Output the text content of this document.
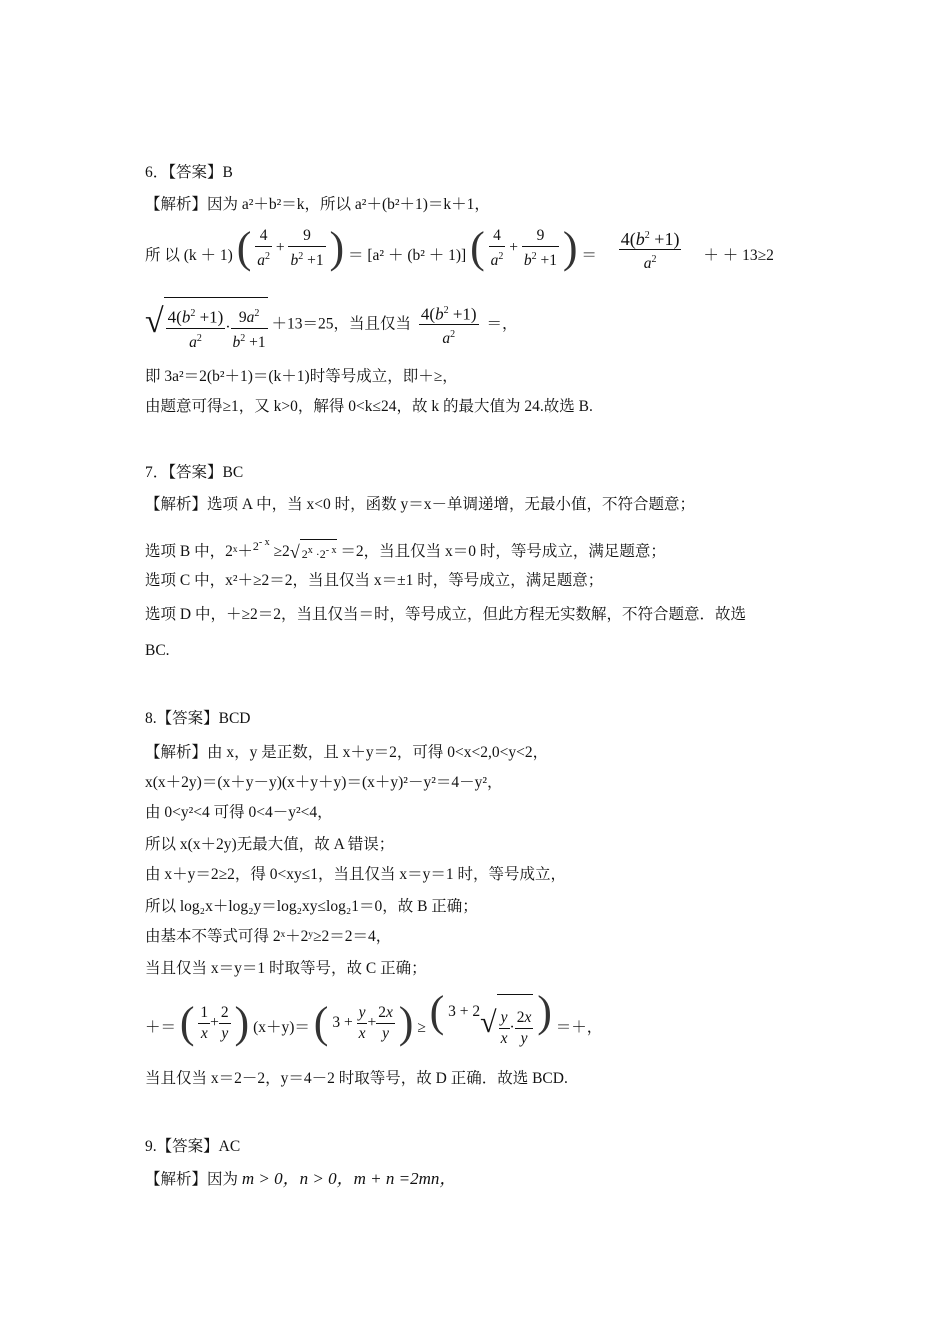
6．【答案】B
【解析】因为 a²＋b²＝k，所以 a²＋(b²＋1)＝k＋1，
所 以 (k ＋ 1) ( $\frac{4}{a^2} + \frac{9}{b^2 +1}$ ) ＝ [a² ＋ (b² ＋ 1)] ( $\frac{4}{a^2} + \frac{9}{b^2 +1}$ ) ＝ $\frac{4(b^2 +1)}{a^2}$ ＋ ＋ 13≥2
√ $\frac{4(b^2 +1)}{a^2} \cdot \frac{9a^2}{b^2 +1} +13=25$，当且仅当 $\frac{4(b^2 +1)}{a^2}$ ＝，
即 3a²＝2(b²＋1)＝(k＋1)时等号成立，即＋≥，
由题意可得≥1，又 k>0，解得 0<k≤24，故 k 的最大值为 24.故选 B.
7．【答案】BC
【解析】选项 A 中，当 x<0 时，函数 y＝x－单调递增，无最小值，不符合题意；
选项 B 中，2ˣ＋$^{2^{- x}}$ ≥2√ $2^x \cdot 2^{- x} =2$，当且仅当 x＝0 时，等号成立，满足题意；
选项 C 中，x²＋≥2＝2，当且仅当 x＝±1 时，等号成立，满足题意；
选项 D 中，＋≥2＝2，当且仅当＝时，等号成立，但此方程无实数解，不符合题意．故选
BC.
8.【答案】BCD
【解析】由 x，y 是正数，且 x＋y＝2，可得 0<x<2,0<y<2，
x(x＋2y)＝(x＋y－y)(x＋y＋y)＝(x＋y)²－y²＝4－y²，
由 0<y²<4 可得 0<4－y²<4，
所以 x(x＋2y)无最大值，故 A 错误；
由 x＋y＝2≥2，得 0<xy≤1，当且仅当 x＝y＝1 时，等号成立，
所以 log₂x＋log₂y＝log₂xy≤log₂1＝0，故 B 正确；
由基本不等式可得 2ˣ＋2ʸ≥2＝2＝4，
当且仅当 x＝y＝1 时取等号，故 C 正确；
＋＝ ( $\frac{1}{x} + \frac{2}{y}$ ) (x＋y)＝ ( $3 + \frac{y}{x} + \frac{2x}{y}$ ) ≥ ( $3 + 2√ \frac{y}{x} \cdot \frac{2x}{y}$ ) ＝＋，
当且仅当 x＝2－2，y＝4－2 时取等号，故 D 正确．故选 BCD.
9.【答案】AC
【解析】因为 m > 0，n > 0，m + n =2mn，
